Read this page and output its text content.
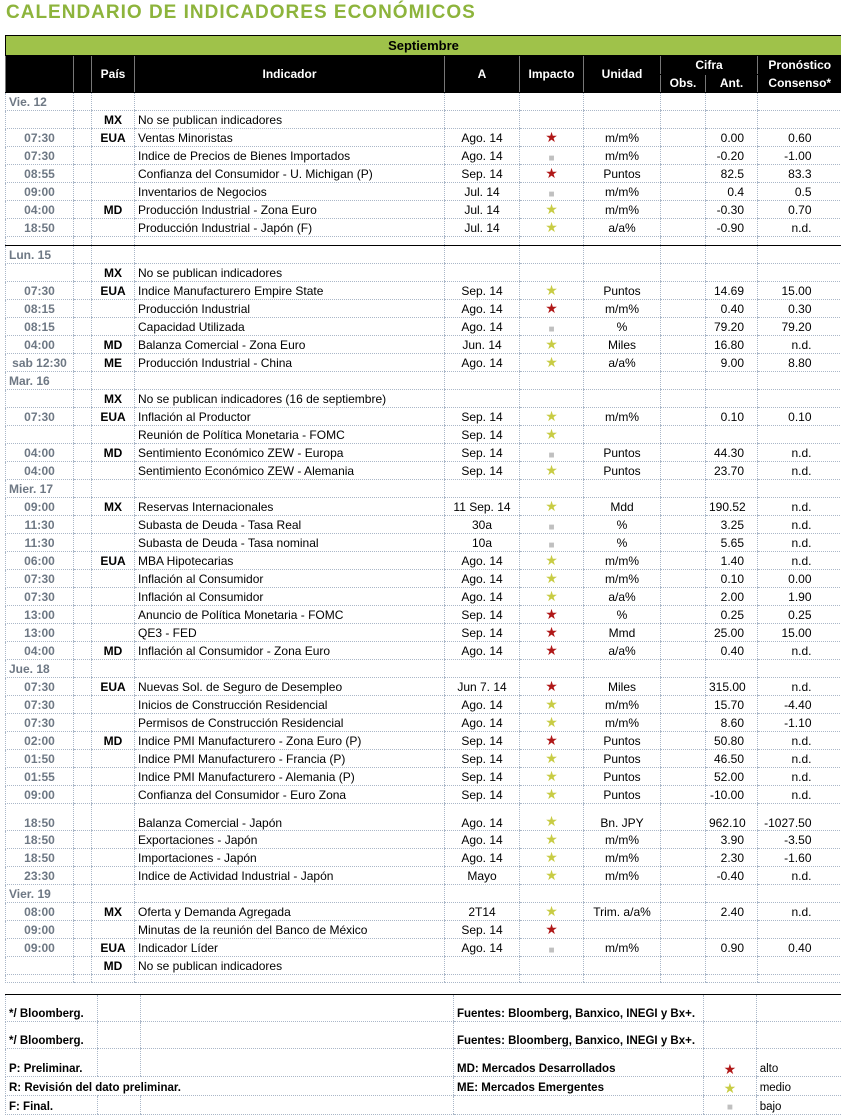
CALENDARIO DE INDICADORES ECONÓMICOS
Septiembre									
		País	Indicador	A	Impacto	Unidad	Cifra		Pronóstico
							Obs.	Ant.	Consenso*
Vie. 12									
		MX	No se publican indicadores						
07:30		EUA	Ventas Minoristas	Ago. 14	★	m/m%		0.00	0.60
07:30			Indice de Precios de Bienes Importados	Ago. 14	■	m/m%		-0.20	-1.00
08:55			Confianza del Consumidor - U. Michigan (P)	Sep. 14	★	Puntos		82.5	83.3
09:00			Inventarios de Negocios	Jul. 14	■	m/m%		0.4	0.5
04:00		MD	Producción Industrial - Zona Euro	Jul. 14	★	m/m%		-0.30	0.70
18:50			Producción Industrial - Japón (F)	Jul. 14	★	a/a%		-0.90	n.d.

Lun. 15									
		MX	No se publican indicadores						
07:30		EUA	Indice Manufacturero Empire State	Sep. 14	★	Puntos		14.69	15.00
08:15			Producción Industrial	Ago. 14	★	m/m%		0.40	0.30
08:15			Capacidad Utilizada	Ago. 14	■	%		79.20	79.20
04:00		MD	Balanza Comercial - Zona Euro	Jun. 14	★	Miles		16.80	n.d.
sab 12:30		ME	Producción Industrial - China	Ago. 14	★	a/a%		9.00	8.80
Mar. 16									
		MX	No se publican indicadores (16 de septiembre)						
07:30		EUA	Inflación al Productor	Sep. 14	★	m/m%		0.10	0.10
			Reunión de Política Monetaria - FOMC	Sep. 14	★				
04:00		MD	Sentimiento Económico ZEW - Europa	Sep. 14	■	Puntos		44.30	n.d.
04:00			Sentimiento Económico ZEW - Alemania	Sep. 14	★	Puntos		23.70	n.d.
Mier. 17									
09:00		MX	Reservas Internacionales	11 Sep. 14	★	Mdd		190.52	n.d.
11:30			Subasta de Deuda - Tasa Real	30a	■	%		3.25	n.d.
11:30			Subasta de Deuda - Tasa nominal	10a	■	%		5.65	n.d.
06:00		EUA	MBA Hipotecarias	Ago. 14	★	m/m%		1.40	n.d.
07:30			Inflación al Consumidor	Ago. 14	★	m/m%		0.10	0.00
07:30			Inflación al Consumidor	Ago. 14	★	a/a%		2.00	1.90
13:00			Anuncio de Política Monetaria - FOMC	Sep. 14	★	%		0.25	0.25
13:00			QE3 - FED	Sep. 14	★	Mmd		25.00	15.00
04:00		MD	Inflación al Consumidor - Zona Euro	Ago. 14	★	a/a%		0.40	n.d.
Jue. 18									
07:30		EUA	Nuevas Sol. de Seguro de Desempleo	Jun 7. 14	★	Miles		315.00	n.d.
07:30			Inicios de Construcción Residencial	Ago. 14	★	m/m%		15.70	-4.40
07:30			Permisos de Construcción Residencial	Ago. 14	★	m/m%		8.60	-1.10
02:00		MD	Indice PMI Manufacturero - Zona Euro (P)	Sep. 14	★	Puntos		50.80	n.d.
01:50			Indice PMI Manufacturero - Francia (P)	Sep. 14	★	Puntos		46.50	n.d.
01:55			Indice PMI Manufacturero - Alemania (P)	Sep. 14	★	Puntos		52.00	n.d.
09:00			Confianza del Consumidor - Euro Zona	Sep. 14	★	Puntos		-10.00	n.d.
18:50			Balanza Comercial - Japón	Ago. 14	★	Bn. JPY		962.10	-1027.50
18:50			Exportaciones - Japón	Ago. 14	★	m/m%		3.90	-3.50
18:50			Importaciones - Japón	Ago. 14	★	m/m%		2.30	-1.60
23:30			Indice de Actividad Industrial - Japón	Mayo	★	m/m%		-0.40	n.d.
Vier. 19									
08:00		MX	Oferta y Demanda Agregada	2T14	★	Trim. a/a%		2.40	n.d.
09:00			Minutas de la reunión del Banco de México	Sep. 14	★				
09:00		EUA	Indicador Líder	Ago. 14	■	m/m%		0.90	0.40
		MD	No se publican indicadores						

*/ Bloomberg.			Fuentes: Bloomberg, Banxico, INEGI y Bx+.		
*/ Bloomberg.			Fuentes: Bloomberg, Banxico, INEGI y Bx+.		
P: Preliminar.			MD: Mercados Desarrollados	★	alto
R: Revisión del dato preliminar.			ME: Mercados Emergentes	★	medio
F: Final.				■	bajo
